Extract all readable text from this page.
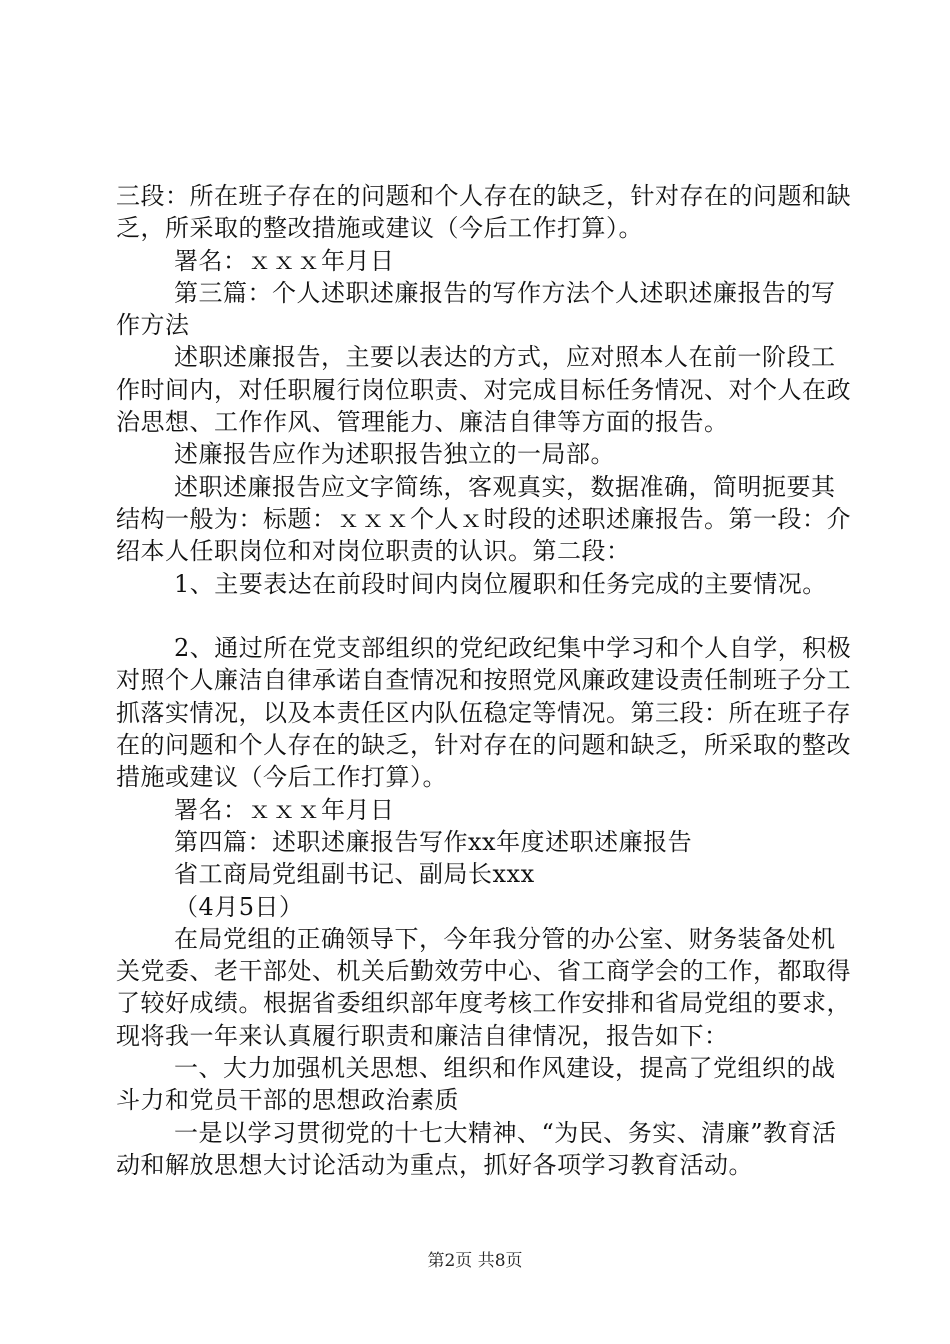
三段：所在班子存在的问题和个人存在的缺乏，针对存在的问题和缺乏，所采取的整改措施或建议（今后工作打算）。

署名：ｘｘｘ年月日

第三篇：个人述职述廉报告的写作方法个人述职述廉报告的写作方法

述职述廉报告，主要以表达的方式，应对照本人在前一阶段工作时间内，对任职履行岗位职责、对完成目标任务情况、对个人在政治思想、工作作风、管理能力、廉洁自律等方面的报告。

述廉报告应作为述职报告独立的一局部。

述职述廉报告应文字简练，客观真实，数据准确，简明扼要其结构一般为：标题：ｘｘｘ个人ｘ时段的述职述廉报告。第一段：介绍本人任职岗位和对岗位职责的认识。第二段：

1、主要表达在前段时间内岗位履职和任务完成的主要情况。

2、通过所在党支部组织的党纪政纪集中学习和个人自学，积极对照个人廉洁自律承诺自查情况和按照党风廉政建设责任制班子分工抓落实情况，以及本责任区内队伍稳定等情况。第三段：所在班子存在的问题和个人存在的缺乏，针对存在的问题和缺乏，所采取的整改措施或建议（今后工作打算）。

署名：ｘｘｘ年月日

第四篇：述职述廉报告写作xx年度述职述廉报告

省工商局党组副书记、副局长xxx

（4月5日）

在局党组的正确领导下，今年我分管的办公室、财务装备处机关党委、老干部处、机关后勤效劳中心、省工商学会的工作，都取得了较好成绩。根据省委组织部年度考核工作安排和省局党组的要求，现将我一年来认真履行职责和廉洁自律情况，报告如下：

一、大力加强机关思想、组织和作风建设，提高了党组织的战斗力和党员干部的思想政治素质

一是以学习贯彻党的十七大精神、“为民、务实、清廉”教育活动和解放思想大讨论活动为重点，抓好各项学习教育活动。

第2页 共8页
